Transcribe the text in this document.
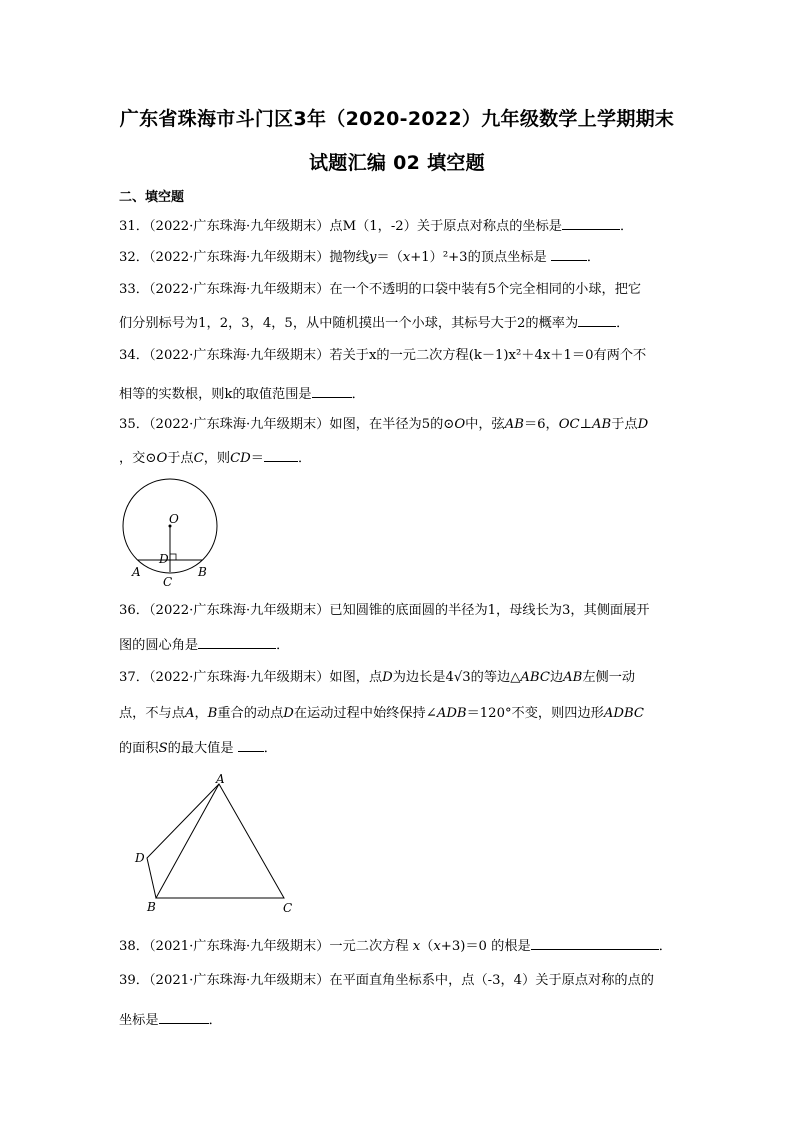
广东省珠海市斗门区3年（2020-2022）九年级数学上学期期末
试题汇编 02 填空题
二、填空题
31．（2022·广东珠海·九年级期末）点M（1，-2）关于原点对称点的坐标是	．
32．（2022·广东珠海·九年级期末）抛物线y＝（x+1）²+3的顶点坐标是	．
33．（2022·广东珠海·九年级期末）在一个不透明的口袋中装有5个完全相同的小球，把它
们分别标号为1，2，3，4，5，从中随机摸出一个小球，其标号大于2的概率为	．
34．（2022·广东珠海·九年级期末）若关于x的一元二次方程(k－1)x²＋4x＋1＝0有两个不
相等的实数根，则k的取值范围是	．
35．（2022·广东珠海·九年级期末）如图，在半径为5的⊙O中，弦AB＝6，OC⊥AB于点D
，交⊙O于点C，则CD＝	．
O
D
A	B
C
36．（2022·广东珠海·九年级期末）已知圆锥的底面圆的半径为1，母线长为3，其侧面展开
图的圆心角是	．
37．（2022·广东珠海·九年级期末）如图，点D为边长是4√3的等边△ABC边AB左侧一动
点，不与点A，B重合的动点D在运动过程中始终保持∠ADB＝120°不变，则四边形ADBC
的面积S的最大值是 ．
A
B	C
D
38．（2021·广东珠海·九年级期末）一元二次方程 x（x+3)＝0 的根是	．
39．（2021·广东珠海·九年级期末）在平面直角坐标系中，点（-3，4）关于原点对称的点的
坐标是	．
